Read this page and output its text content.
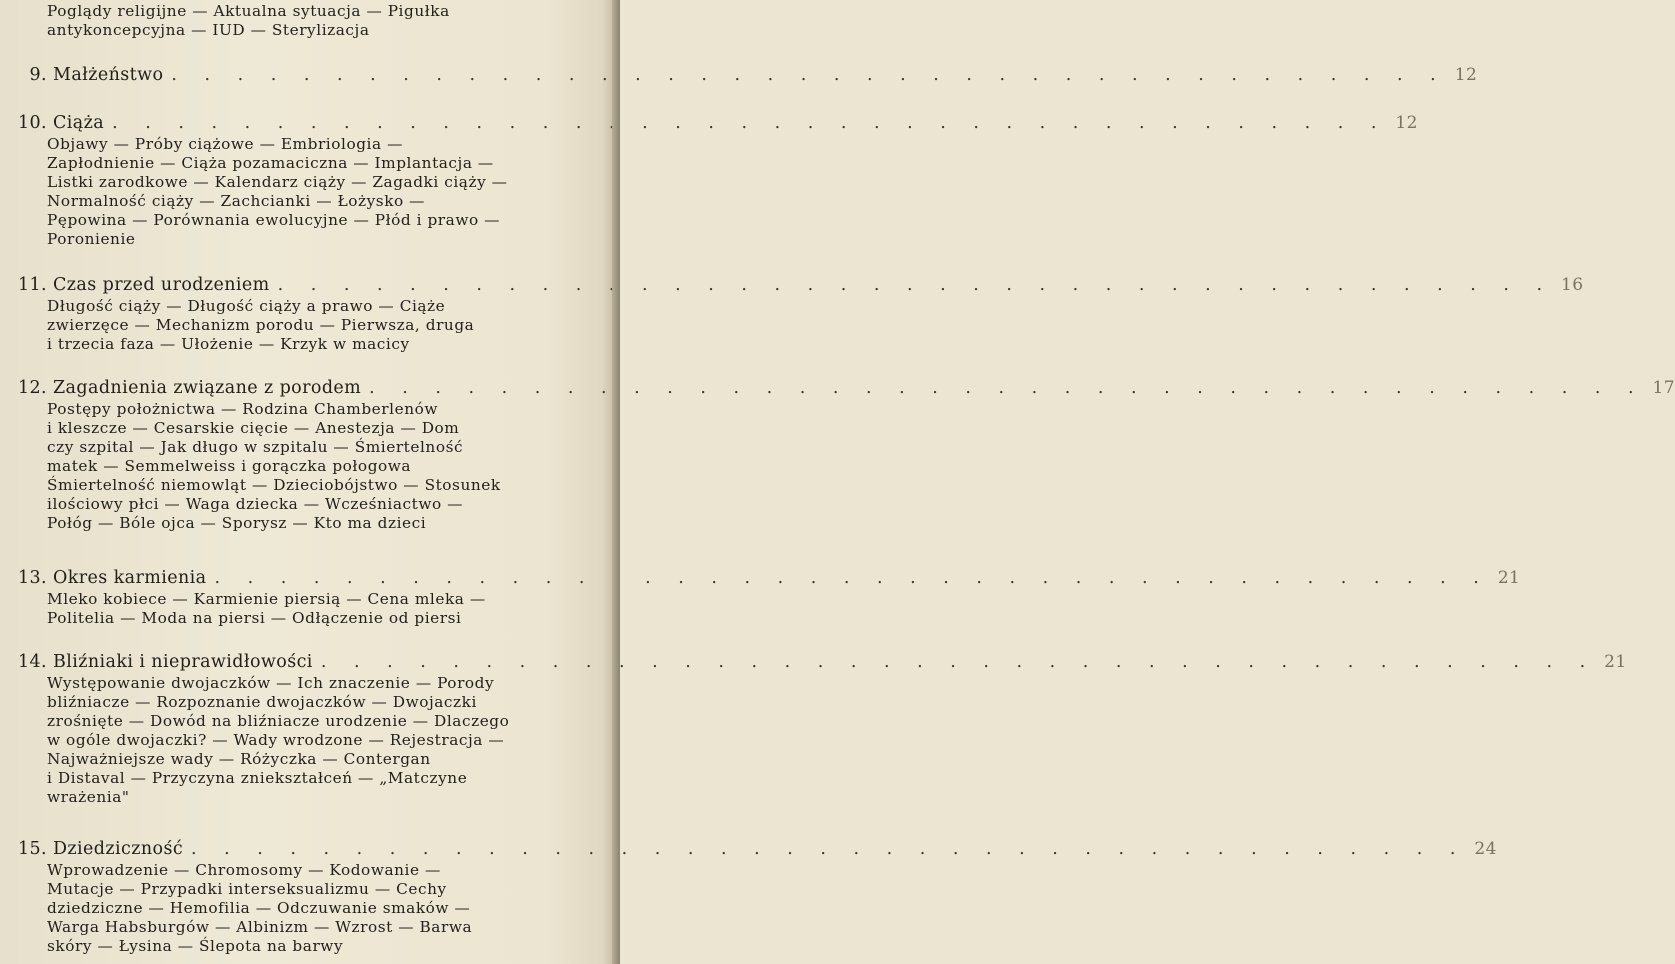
Poglądy religijne — Aktualna sytuacja — Pigułka
antykoncepcyjna — IUD — Sterylizacja
9. Małżeństwo . . .	12
10. Ciąża . . .	12
Objawy — Próby ciążowe — Embriologia —
Zapłodnienie — Ciąża pozamaciczna — Implantacja —
Listki zarodkowe — Kalendarz ciąży — Zagadki ciąży —
Normalność ciąży — Zachcianki — Łożysko —
Pępowina — Porównania ewolucyjne — Płód i prawo —
Poronienie
11. Czas przed urodzeniem . . .	16
Długość ciąży — Długość ciąży a prawo — Ciąże
zwierzęce — Mechanizm porodu — Pierwsza, druga
i trzecia faza — Ułożenie — Krzyk w macicy
12. Zagadnienia związane z porodem . . .	17
Postępy położnictwa — Rodzina Chamberlenów
i kleszcze — Cesarskie cięcie — Anestezja — Dom
czy szpital — Jak długo w szpitalu — Śmiertelność
matek — Semmelweiss i gorączka połogowa
Śmiertelność niemowląt — Dzieciobójstwo — Stosunek
ilościowy płci — Waga dziecka — Wcześniactwo —
Połóg — Bóle ojca — Sporysz — Kto ma dzieci
13. Okres karmienia . . .	21
Mleko kobiece — Karmienie piersią — Cena mleka —
Politelia — Moda na piersi — Odłączenie od piersi
14. Bliźniaki i nieprawidłowości . . .	21
Występowanie dwojaczków — Ich znaczenie — Porody
bliźniacze — Rozpoznanie dwojaczków — Dwojaczki
zrośnięte — Dowód na bliźniacze urodzenie — Dlaczego
w ogóle dwojaczki? — Wady wrodzone — Rejestracja —
Najważniejsze wady — Różyczka — Contergan
i Distaval — Przyczyna zniekształceń — „Matczyne
wrażenia"
15. Dziedziczność . . .	24
Wprowadzenie — Chromosomy — Kodowanie —
Mutacje — Przypadki interseksualizmu — Cechy
dziedziczne — Hemofilia — Odczuwanie smaków —
Warga Habsburgów — Albinizm — Wzrost — Barwa
skóry — Łysina — Ślepota na barwy
